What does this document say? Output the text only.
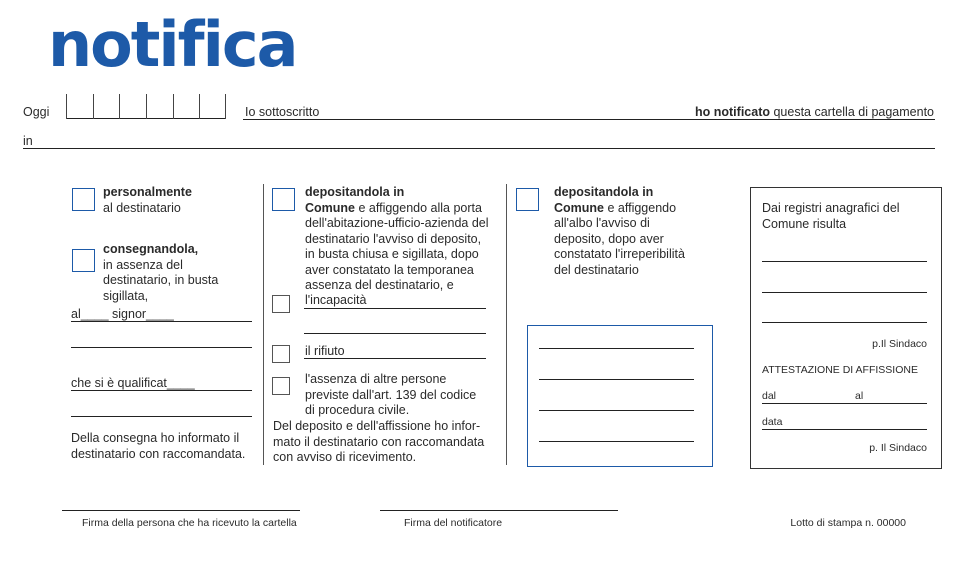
notifica
Oggi	Io sottoscritto	ho notificato questa cartella di pagamento
in
personalmente
al destinatario
consegnandola,
in assenza del
destinatario, in busta
sigillata,
al____ signor____
che si è qualificat____
Della consegna ho informato il
destinatario con raccomandata.
depositandola in
Comune e affiggendo alla porta
dell'abitazione-ufficio-azienda del
destinatario l'avviso di deposito,
in busta chiusa e sigillata, dopo
aver constatato la temporanea
assenza del destinatario, e
l'incapacità
il rifiuto
l'assenza di altre persone
previste dall'art. 139 del codice
di procedura civile.
Del deposito e dell'affissione ho infor-
mato il destinatario con raccomandata
con avviso di ricevimento.
depositandola in
Comune e affiggendo
all'albo l'avviso di
deposito, dopo aver
constatato l'irreperibilità
del destinatario
Dai registri anagrafici del
Comune risulta
p.Il Sindaco
ATTESTAZIONE DI AFFISSIONE
dal	al
data
p. Il Sindaco
Firma della persona che ha ricevuto la cartella	Firma del notificatore	Lotto di stampa n. 00000
